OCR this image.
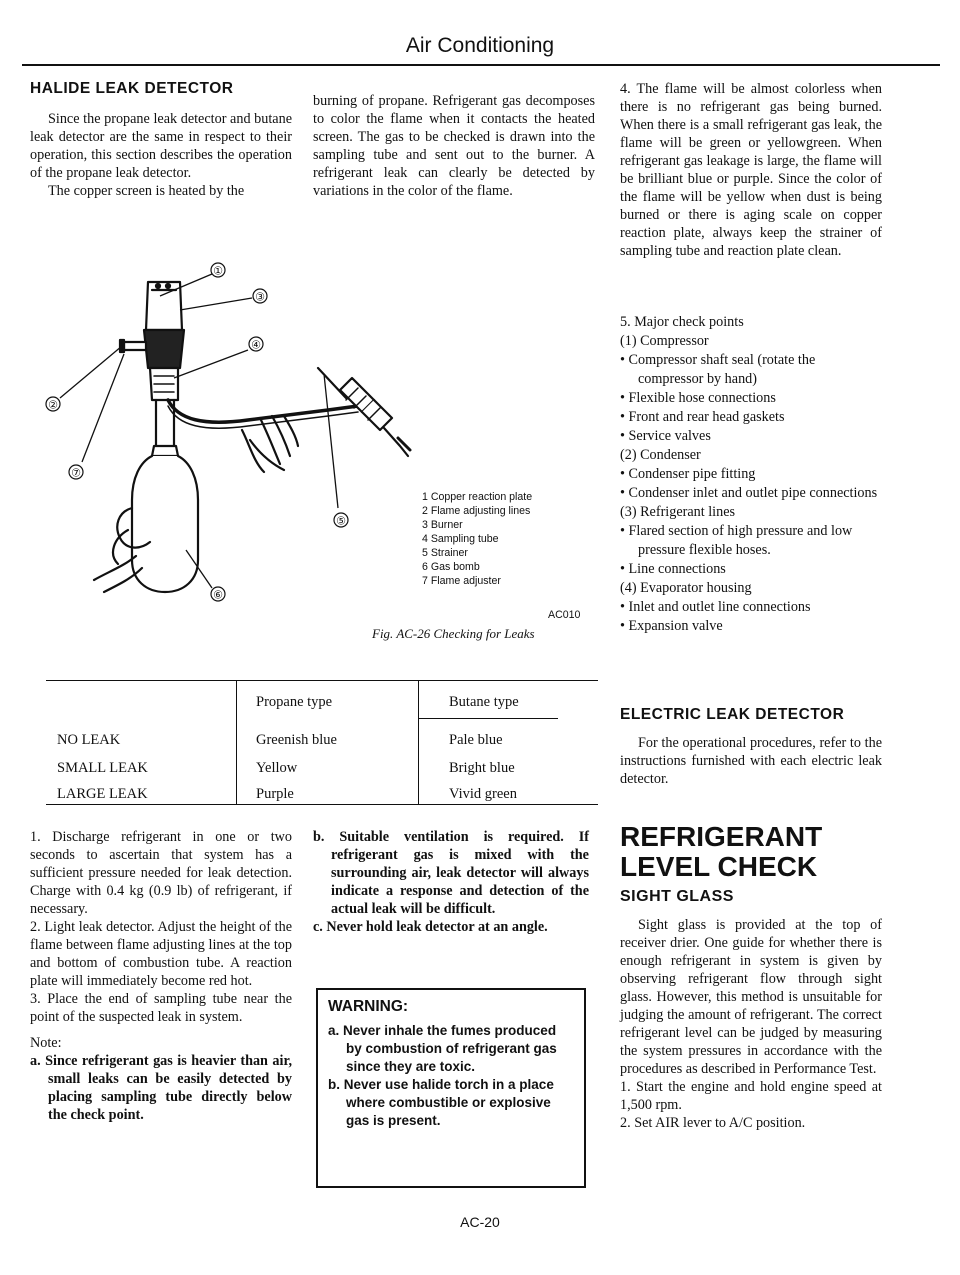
Air Conditioning
HALIDE LEAK DETECTOR

Since the propane leak detector and butane leak detector are the same in respect to their operation, this section describes the operation of the propane leak detector.

The copper screen is heated by the

burning of propane. Refrigerant gas decomposes to color the flame when it contacts the heated screen. The gas to be checked is drawn into the sampling tube and sent out to the burner. A refrigerant leak can clearly be detected by variations in the color of the flame.

①
②
③
④
⑤
⑥
⑦
1 Copper reaction plate
2 Flame adjusting lines
3 Burner
4 Sampling tube
5 Strainer
6 Gas bomb
7 Flame adjuster
AC010
Fig. AC-26 Checking for Leaks
	Propane type	Butane type
NO LEAK	Greenish blue	Pale blue
SMALL LEAK	Yellow	Bright blue
LARGE LEAK	Purple	Vivid green

1. Discharge refrigerant in one or two seconds to ascertain that system has a sufficient pressure needed for leak detection. Charge with 0.4 kg (0.9 lb) of refrigerant, if necessary.

2. Light leak detector. Adjust the height of the flame between flame adjusting lines at the top and bottom of combustion tube. A reaction plate will immediately become red hot.

3. Place the end of sampling tube near the point of the suspected leak in system.

Note:

a. Since refrigerant gas is heavier than air, small leaks can be easily detected by placing sampling tube directly below the check point.

b. Suitable ventilation is required. If refrigerant gas is mixed with the surrounding air, leak detector will always indicate a response and detection of the actual leak will be difficult.

c. Never hold leak detector at an angle.

WARNING:
a. Never inhale the fumes produced by combustion of refrigerant gas since they are toxic.
b. Never use halide torch in a place where combustible or explosive gas is present.

4. The flame will be almost colorless when there is no refrigerant gas being burned. When there is a small refrigerant gas leak, the flame will be green or yellowgreen. When refrigerant gas leakage is large, the flame will be brilliant blue or purple. Since the color of the flame will be yellow when dust is being burned or there is aging scale on copper reaction plate, always keep the strainer of sampling tube and reaction plate clean.

5. Major check points
(1) Compressor
• Compressor shaft seal (rotate the compressor by hand)
• Flexible hose connections
• Front and rear head gaskets
• Service valves
(2) Condenser
• Condenser pipe fitting
• Condenser inlet and outlet pipe connections
(3) Refrigerant lines
• Flared section of high pressure and low pressure flexible hoses.
• Line connections
(4) Evaporator housing
• Inlet and outlet line connections
• Expansion valve
ELECTRIC LEAK DETECTOR

For the operational procedures, refer to the instructions furnished with each electric leak detector.

REFRIGERANT
LEVEL CHECK
SIGHT GLASS

Sight glass is provided at the top of receiver drier. One guide for whether there is enough refrigerant in system is given by observing refrigerant flow through sight glass. However, this method is unsuitable for judging the amount of refrigerant. The correct refrigerant level can be judged by measuring the system pressures in accordance with the procedures as described in Performance Test.

1. Start the engine and hold engine speed at 1,500 rpm.

2. Set AIR lever to A/C position.

AC-20
